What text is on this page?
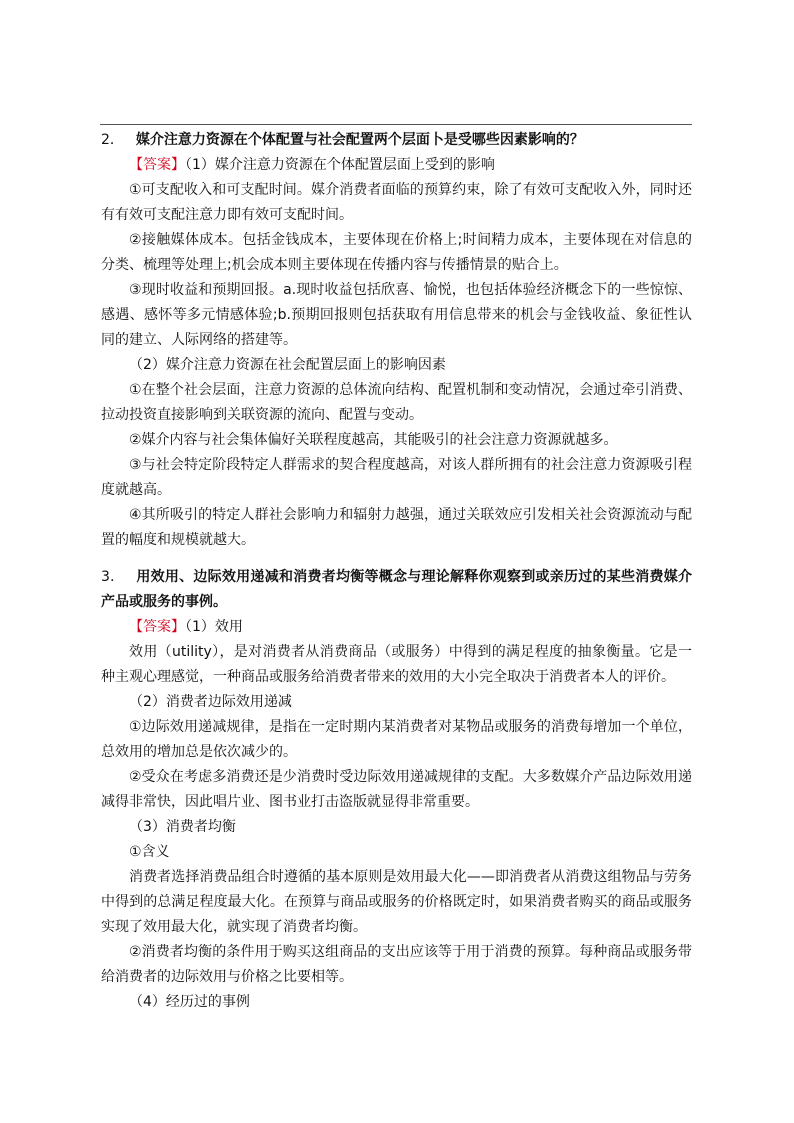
2． 媒介注意力资源在个体配置与社会配置两个层面卜是受哪些因素影响的？

【答案】（1）媒介注意力资源在个体配置层面上受到的影响

①可支配收入和可支配时间。媒介消费者面临的预算约束，除了有效可支配收入外，同时还有有效可支配注意力即有效可支配时间。

②接触媒体成本。包括金钱成本，主要体现在价格上;时间精力成本，主要体现在对信息的分类、梳理等处理上;机会成本则主要体现在传播内容与传播情景的贴合上。

③现时收益和预期回报。a.现时收益包括欣喜、愉悦，也包括体验经济概念下的一些惊惊、感遇、感怀等多元情感体验;b.预期回报则包括获取有用信息带来的机会与金钱收益、象征性认同的建立、人际网络的搭建等。

（2）媒介注意力资源在社会配置层面上的影响因素

①在整个社会层面，注意力资源的总体流向结构、配置机制和变动情况，会通过牵引消费、拉动投资直接影响到关联资源的流向、配置与变动。

②媒介内容与社会集体偏好关联程度越高，其能吸引的社会注意力资源就越多。

③与社会特定阶段特定人群需求的契合程度越高，对该人群所拥有的社会注意力资源吸引程度就越高。

④其所吸引的特定人群社会影响力和辐射力越强，通过关联效应引发相关社会资源流动与配置的幅度和规模就越大。

3． 用效用、边际效用递减和消费者均衡等概念与理论解释你观察到或亲历过的某些消费媒介产品或服务的事例。

【答案】（1）效用

效用（utility），是对消费者从消费商品（或服务）中得到的满足程度的抽象衡量。它是一种主观心理感觉，一种商品或服务给消费者带来的效用的大小完全取决于消费者本人的评价。

（2）消费者边际效用递减

①边际效用递减规律，是指在一定时期内某消费者对某物品或服务的消费每增加一个单位，总效用的增加总是依次减少的。

②受众在考虑多消费还是少消费时受边际效用递减规律的支配。大多数媒介产品边际效用递减得非常快，因此唱片业、图书业打击盗版就显得非常重要。

（3）消费者均衡

①含义

消费者选择消费品组合时遵循的基本原则是效用最大化——即消费者从消费这组物品与劳务中得到的总满足程度最大化。在预算与商品或服务的价格既定时，如果消费者购买的商品或服务实现了效用最大化，就实现了消费者均衡。

②消费者均衡的条件用于购买这组商品的支出应该等于用于消费的预算。每种商品或服务带给消费者的边际效用与价格之比要相等。

（4）经历过的事例
